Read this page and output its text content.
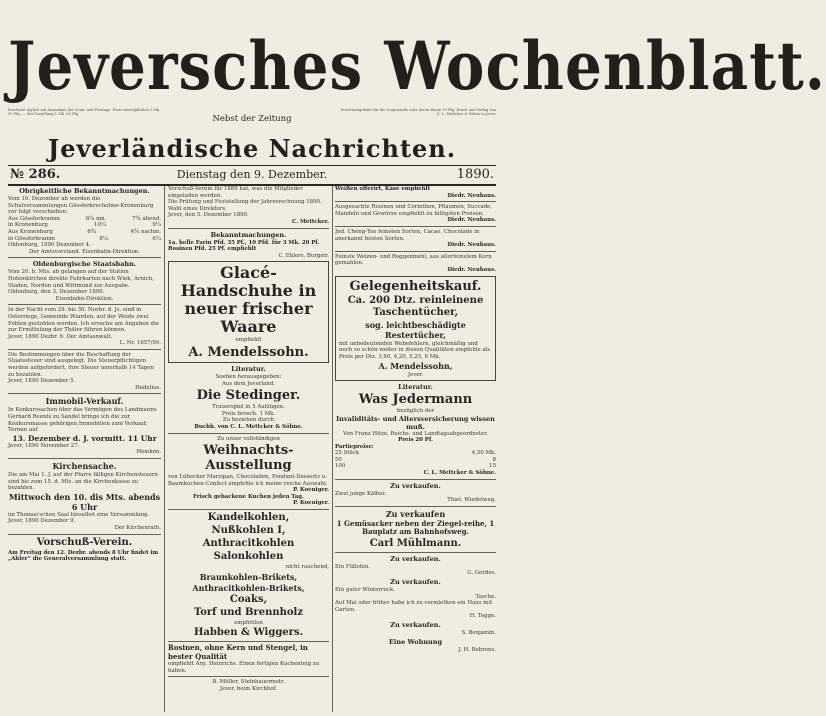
Jeversches Wochenblatt.
Erscheint täglich mit Ausnahme der Sonn- und Festtage. Preis vierteljährlich 1 Mk. 50 Pfg. — Mit Zustellung 1 Mk. 65 Pfg.	Nebst der Zeitung
Insertionsgebühr für die Corpuszeile oder deren Raum 10 Pfg. Druck und Verlag von C. L. Mettcker & Söhne in Jever.
Jeverländische Nachrichten.
№ 286.	Dienstag den 9. Dezember.	1890.
Obrigkeitliche Bekanntmachungen.

Vom 10. Dezember ab werden die Schulversammlungen Gössferkrecholme-Kronenburg vor folgt verschieben:

Aus Gössferkramm	8¼ nm.	7¾ abend.
in Kronenburg	10¼	9¼
Aus Kronenburg	6¾	4¾ nachm.
in Gössferkramm	8¼	6¼

Oldenburg, 1890 Dezember 4.

Der Amtsvorstand. Eisenbahn-Direktion.

Oldenburgische Staatsbahn.

Vom 20. b. Mts. ab gelangen auf der Station Hohenkirchen direkte Fahrkarten nach Wiek, Arnich, Staden, Norden und Wittmund zur Ausgabe.

Oldenburg, den 3. Dezember 1890.

Eisenbahn-Direktion.

In der Nacht vom 29. bis 30. Novbr. d. Js. sind in Osterriege, Gemeinde Wiarden, auf der Weide zwei Fohlen gestohlen worden. Ich ersuche um Angaben die zur Ermittelung der Thäter führen können.

Jever, 1890 Dezbr. 6. Der Amtsanwalt.

L. Nr. 1657/90.

Die Bestimmungen über die Beschaffung der Staatssteuer sind ausgelegt. Die Steuerpflichtigen werden aufgefordert, ihre Steuer innerhalb 14 Tagen zu bezahlen.

Jever, 1890 Dezember 5.

Hedelius.

Immobil-Verkauf.

In Konkurssachen über das Vermögen des Landmanns Gerhard Reents zu Sandel bringe ich die zur Konkursmasse gehörigen Immobilien zum Verkauf; Termin auf

13. Dezember d. J. vormitt. 11 Uhr

Jever, 1890 November 27.

Hemken.

Kirchensache.

Die am Mai 1. J. auf der Pfarre fälligen Kirchensteuern sind bis zum 15. d. Mts. an die Kirchenkasse zu bezahlen.

Mittwoch den 10. dis Mts. abends 6 Uhr

im Thomas'schen Saal hieselbst eine Versammlung.

Jever, 1890 Dezember 9.

Der Kirchenrath.

Vorschuß-Verein.

Am Freitag den 12. Dezbr. abends 8 Uhr findet im „Ahler“ die Generalversammlung statt.

Vorschuß-Verein für 1889 hat, was die Mitglieder eingeladen werden.

Die Prüfung und Feststellung der Jahresrechnung 1890. Wahl eines Direktors.

Jever, den 5. Dezember 1890.

C. Mettcker.

Bekanntmachungen.

1a. helle Farin Pfd. 35 Pf., 10 Pfd. für 3 Mk. 20 Pf. Rosinen Pfd. 25 Pf. empfiehlt

C. Ehlers, Burgstr.

Glacé-Handschuhe in neuer frischer Waare

empfiehlt

A. Mendelssohn.
Literatur.

Soeben herausgegeben:

Aus dem Jeverland.

Die Stedinger.

Trauerspiel in 5 Aufzügen.

Preis brosch. 1 Mk.

Zu beziehen durch

Buchh. von C. L. Mettcker & Söhne.

Zu unser vollständigen

Weihnachts-Ausstellung

von Lübecker Marzipan, Chocoladen, Fondant-Desserts u. Baumkuchen-Confect empfehle ich meine reiche Auswahl.

P. Koeniger.

Frisch gebackene Kuchen jeden Tag.

P. Koeniger.

Kandelkohlen,
Nußkohlen I,
Anthracitkohlen
Salonkohlen

nicht rauchend,

Braunkohlen-Brikets,
Anthracitkohlen-Brikets,
Coaks,
Torf und Brennholz

empfehlen

Habben & Wiggers.

Rosinen, ohne Kern und Stengel, in bester Qualität

empfiehlt Arp. Heinrichs. Einen fertigen Kuchenteig zu haben.

B. Müller, Steinhauermstr.

Jever, beim Kirchhof.

Weißen offerirt, Käse empfiehlt

Diedr. Neuhaus.

Ausgesuchte Rosinen und Corinthen, Pflaumen, Succade, Mandeln und Gewürze empfiehlt zu billigsten Preisen.

Diedr. Neuhaus.

Jnd. Cheng-Tee feinsten Sorten, Cacao, Chocolade in anerkannt besten Sorten.

Diedr. Neuhaus.

Feinste Weizen- und Roggenmehl, aus allerfeinstem Korn gemahlen.

Diedr. Neuhaus.

Gelegenheitskauf.
Ca. 200 Dtz. reinleinene Taschentücher,
sog. leichtbeschädigte Restertücher,

mit unbedeutenden Webefehlern, gleichmäßig und noch so schön weiter in diesen Qualitäten empfehle als Preis per Dtz. 3,60, 4,20, 5,25, 6 Mk.

A. Mendelssohn,

Jever.

Literatur.
Was Jedermann

bezüglich der

Invaliditäts- und Altersversicherung wissen muß.

Von Franz Hitze, Reichs- und Landtagsabgeordneter.

Preis 20 Pf.

Partiepreise:

25 Stück	4,50 Mk.
50	8
100	15

C. L. Mettcker & Söhne.

Zu verkaufen.

Zwei junge Kälber.

Thiel, Wiedelweg.

Zu verkaufen

1 Gemüsacker neben der Ziegel-reihe, 1 Bauplatz am Bahnhofsweg.

Carl Mühlmann.
Zu verkaufen.

Ein Füllofen.

G. Gerdes.

Zu verkaufen.

Ein guter Winterrock.

Tasche.

Auf Mai oder früher habe ich zu vermiethen ein Haus mit Garten.

H. Tegge.

Zu verkaufen.

S. Benjamin.

Eine Wohnung

J. H. Behrens.
